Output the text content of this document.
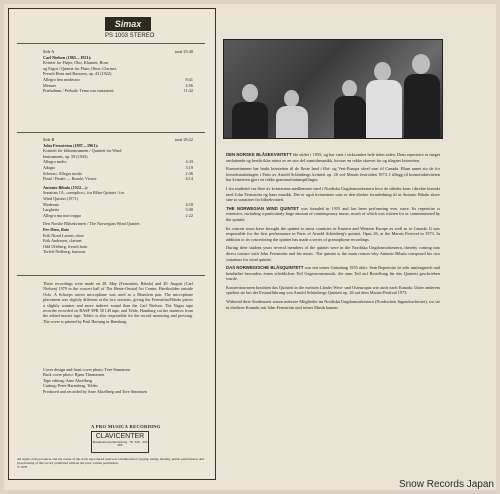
Simax
PS 1003 STEREO
Side A	total 25:40
Carl Nielsen (1865—1931):
Kvintet for Fløjte, Obo, Klarinet, Horn
og Fagot / Quintet for Flute, Oboe, Clarinet,
French Horn and Bassoon, op. 43 (1922)
Allegro ben moderato	8:41
Menuet	4:56
Præludium / Prelude. Tema con variazioni	11:42
Side B	total 29:22
John Fernström (1897—1961):
Kvintett för blåsinstrument / Quintett for Wind
Instruments, op. 59 (1943)
Allegro molto	4:43
Adagio	3:19
Scherzo: Allegro molto	2:36
Final / Finale — Rondo: Vivace	4:14
Antonio Bibalo (1922—):
Sonatina 1A, «semplice», for Blåse Quintet / for
Wind Quintet (1971)
Moderato	4:18
Larghetto	5:00
Allegro ma non troppo	2:22
Den Norske Blåsekvintett / The Norwegian Wind Quintet:
Per Øien, flute
Erik Niord Larsen, oboe
Erik Andresen, clarinet
Odd Ulleberg, french horn
Torleif Nedberg, bassoon
These recordings were made on 28. May (Fernström, Bibalo) and 20. August (Carl Nielsen) 1979 in the concert hall of The Henie-Onstad Art Centre, Høvikodden outside Oslo. A Schoeps stereo microphone was used as a Blumlein pair. The microphone placement was slightly different at the two sessions, giving the Fernström/Bibalo pieces a slightly warmer and more indirect sound than the Carl Nielsen. The Nagra tape recorder recorded on BASF SPR 50 LH tape, and Telde, Hamburg cut the matrices from the edited master tape. Teldec is also responsible for the record mastering and pressing. The cover is printed by Paul Hartung in Hamburg.
Cover design and front cover photo: Tore Simonsen
Back cover photo: Bjørn Thomassen
Tape editing: Arne Akselberg
Cutting: Peter Harenberg, Teldec
Produced and recorded by Arne Akselberg and Tore Simonsen
A PRO MUSICA RECORDING
CLAVICENTER
Musikinstrumentforretning · Tlf. 420 · 220 366
All rights of the producer and the owner of the work reproduced reserved. Unauthorized copying, hiring, lending, public performance and broadcasting of this record prohibited without the prior written permission.
℗ 1979

DEN NORSKE BLÅSEKVINTETT ble stiftet i 1955, og har vært i virksomhet hele tiden siden. Dens repertoire er meget omfattende og består ikke minst av en stor del samtidsmusikk, hvorav en rekke skrevet for og tilegnet kvintetten.

Konsertturneer har brakt kvintetten til de fleste land i Øst- og Vest-Europa såvel som til Canada. Blant annet sto de for førsteframføringen i Paris av Arnold Schönbergs kvintett op. 26 ved Marais festivalen 1973. I tillegg til konsertaktiviteten har kvintetten gjort en rekke grammofoninnspillinger.

I sin studietid var flere av kvintettens medlemmer med i Nordiska Ungdomsorkestern hvor de således kom i direkte kontakt med John Fernström og hans musikk. Det er også kvintettens som er den direkte foranledning til at Antonio Bibalo skrev sine to sonatiner for blåsekvintett.

THE NORWEGIAN WIND QUINTET was founded in 1955 and has been performing ever since. Its repertoire is extensive, including a particularly large amount of contemporary music, much of which was written for or commissioned by the quintet.

Its concert tours have brought the quintet to most countries in Eastern and Western Europe as well as to Canada. It was responsible for the first performance in Paris of Arnold Schönberg's quintet, Opus 26, at the Marais Festival in 1973. In addition to its concertizing the quintet has made a series of gramophone recordings.

During their student years several members of the quintet were in the Nordiska Ungdomsorkestern, thereby coming into direct contact with John Fernström and his music. The quintet is the main reason why Antonio Bibalo composed his two sonatinas for wind quintet.

DAS NORWEGISCHE BLÄSQUINTETT war seit seiner Gründung 1955 aktiv. Sein Repertoire ist sehr umfangreich und beinhaltet besonders einen erheblichen Teil Gegenwartsmusik, die zum Teil auf Bestellung für das Quintett geschrieben wurde.

Konzerttourneen brachten das Quintett in die meisten Länder West- und Osteuropas wie auch nach Kanada. Unter anderem spielten sie bei der Erstaufführung von Arnold Schönbergs Quintett op. 26 auf dem Marais-Festival 1973.

Während ihrer Studienzeit waren mehrere Mitglieder im Nordiska Ungdomsorkestern (Nordischen Jugendorchester), wo sie in direkten Kontakt mit John Fernström und seiner Musik kamen.

Snow Records Japan
